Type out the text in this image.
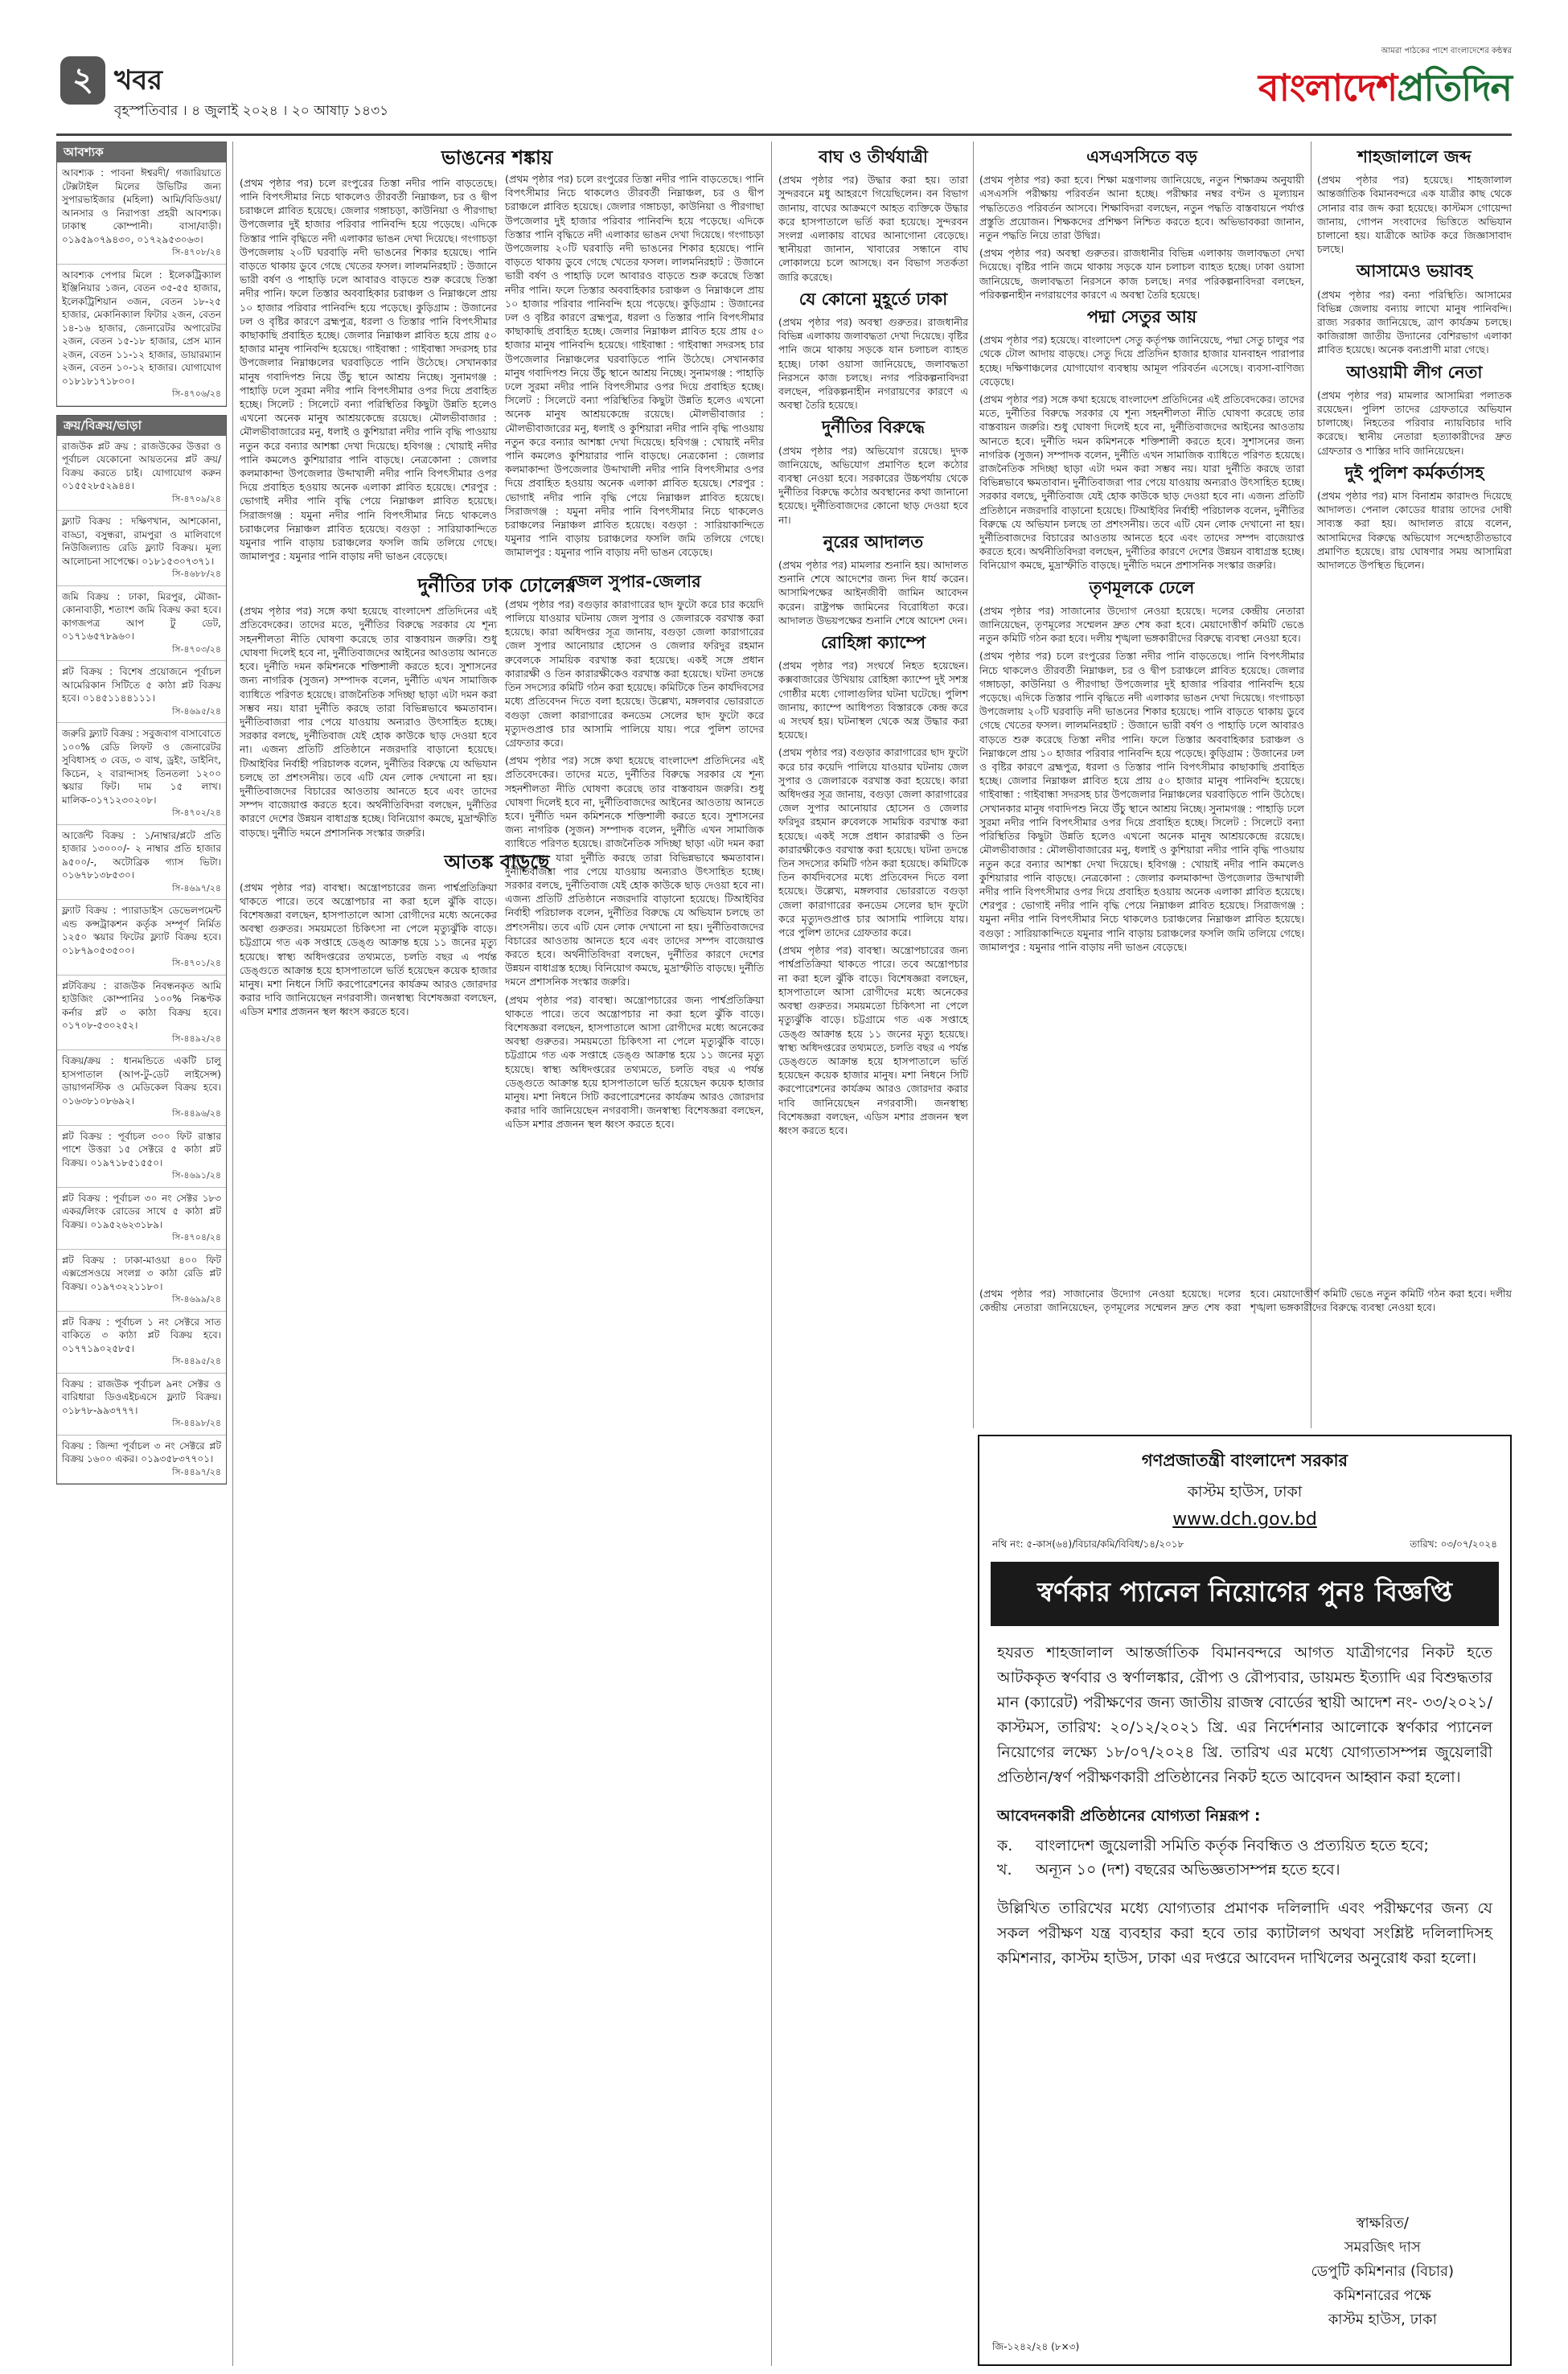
২ খবর
বৃহস্পতিবার । ৪ জুলাই ২০২৪ । ২০ আষাঢ় ১৪৩১
আমরা পাঠকের পাশে বাংলাদেশের কন্ঠস্বর
বাংলাদেশপ্রতিদিন
আবশ্যক
আবশ্যক : পাবনা ঈশ্বরদী/ গজারিয়াতে টেক্সটাইল মিলের উভিটির জন্য সুপারভাইজার (মহিলা) আমি/বিডিওয়া/আনসার ও নিরাপত্তা প্রহরী আবশ্যক। ঢাকাস্থ কোম্পানী। বাসা/বাড়ী। ০১৯৫৯০৭৯৪৩০, ০১৭২৯৫৩০৬৩।
সি-৪৭০৮/২৪
আবশ্যক পেপার মিলে : ইলেকট্রিক্যাল ইঞ্জিনিয়ার ১জন, বেতন ৩৫-৫৫ হাজার, ইলেকট্রিশিয়ান ৩জন, বেতন ১৮-২৫ হাজার, মেকানিক্যাল ফিটার ২জন, বেতন ১৪-১৬ হাজার, জেনারেটর অপারেটর ২জন, বেতন ১৫-১৮ হাজার, প্রেস ম্যান ২জন, বেতন ১১-১২ হাজার, ডায়ারম্যান ২জন, বেতন ১০-১২ হাজার। যোগাযোগ ০১৮১৮১৭১৮০০।
সি-৪৭০৬/২৪
ক্রয়/বিক্রয়/ভাড়া
রাজউক প্লট ক্রয় : রাজউকের উত্তরা ও পূর্বাচল যেকোনো আয়তনের প্লট ক্রয়/বিক্রয় করতে চাই। যোগাযোগ করুন ০১৫৫২৮৫২৯৪৪।
সি-৪৭০৯/২৪
ফ্ল্যাট বিক্রয় : দক্ষিণখান, আশকোনা, বাড্ডা, বসুন্ধরা, রামপুরা ও মালিবাগে নিউজিল্যান্ড রেডি ফ্ল্যাট বিক্রয়। মূল্য আলোচনা সাপেক্ষে। ০১৮১৫৩০৭৩৭১।
সি-৪৬৮৮/২৪
জমি বিক্রয় : ঢাকা, মিরপুর, মৌজা-কোনাবাড়ী, শতাংশ জমি বিক্রয় করা হবে। কাগজপত্র আপ টু ডেট, ০১৭১৬৫৭৮৯৬০।
সি-৪৭০৩/২৪
প্লট বিক্রয় : বিশেষ প্রয়োজনে পূর্বাচল আমেরিকান সিটিতে ৫ কাঠা প্লট বিক্রয় হবে। ০১৪৫১১৪৪১১১।
সি-৪৬৯৫/২৪
জরুরি ফ্ল্যাট বিক্রয় : সবুজবাগ বাসাবোতে ১০০% রেডি লিফট ও জেনারেটর সুবিধাসহ ৩ বেড, ৩ বাথ, ড্রইং, ডাইনিং, কিচেন, ২ বারান্দাসহ তিনতলা ১২০০ স্কয়ার ফিট। দাম ১৫ লাখ। মালিক-০১৭১২৩০২০৮।
সি-৪৭০২/২৪
আর্জেন্ট বিক্রয় : ১/নাম্বার/প্লটে প্রতি হাজার ১৩০০০/- ২ নাম্বার প্রতি হাজার ৯৫০০/-, অটোব্রিক গ্যাস ভিটা। ০১৬৭৮১৩৮৫৩০।
সি-৪৬৯৭/২৪
ফ্ল্যাট বিক্রয় : প্যারাডাইস ডেভেলপমেন্ট এন্ড কন্সট্রাকশন কর্তৃক সম্পূর্ণ নির্মিত ১২৫০ স্কয়ার ফিটের ফ্ল্যাট বিক্রয় হবে। ০১৮৭৯০৫৩৫০০।
সি-৪৭০১/২৪
প্লটবিক্রয় : রাজউক নিবন্ধনকৃত আমি হাউজিং কোম্পানির ১০০% নিষ্কণ্টক কর্নার প্লট ৩ কাঠা বিক্রয় হবে। ০১৭০৮-৫৩০২৫২।
সি-৪৪৯২/২৪
বিক্রয়/ক্রয় : ধানমন্ডিতে একটি চালু হাসপাতাল (আপ-টু-ডেট লাইসেন্স) ডায়াগনস্টিক ও মেডিকেল বিক্রয় হবে। ০১৬৩৮১০৮৬৯২।
সি-৪৪৯৬/২৪
প্লট বিক্রয় : পূর্বাচল ৩০০ ফিট রাস্তার পাশে উত্তরা ১৫ সেক্টরে ৫ কাঠা প্লট বিক্রয়। ০১৯৭১৮৫১৫৫০।
সি-৪৬৯১/২৪
প্লট বিক্রয় : পূর্বাচল ৩০ নং সেক্টর ১৮৩ একর/লিংক রোডের সাথে ৫ কাঠা প্লট বিক্রয়। ০১৯৫২৬২৩১৮৯।
সি-৪৭০৪/২৪
প্লট বিক্রয় : ঢাকা-মাওয়া ৪০০ ফিট এক্সপ্রেসওয়ে সংলগ্ন ৩ কাঠা রেডি প্লট বিক্রয়। ০১৯৭৩২২১১৮০।
সি-৪৬৯৯/২৪
প্লট বিক্রয় : পূর্বাচল ১ নং সেক্টরে সাত বাকিতে ৩ কাঠা প্লট বিক্রয় হবে। ০১৭৭১৯০২৫৮৫।
সি-৪৪৯৫/২৪
বিক্রয় : রাজউক পূর্বাচল ৯নং সেক্টর ও বারিধারা ডিওএইচএসে ফ্ল্যাট বিক্রয়। ০১৮৭৮-৯৯৩৭৭৭।
সি-৪৪৯৮/২৪
বিক্রয় : জিন্দা পূর্বাচল ৩ নং সেক্টরে প্লট বিক্রয় ১৬০০ একর। ০১৯৩৫৮৩৭৭০১।
সি-৪৪৯৭/২৪
ভাঙনের শঙ্কায়

(প্রথম পৃষ্ঠার পর) চলে রংপুরের তিস্তা নদীর পানি বাড়তেছে। পানি বিপৎসীমার নিচে থাকলেও তীরবর্তী নিম্নাঞ্চল, চর ও দ্বীপ চরাঞ্চলে প্লাবিত হয়েছে। জেলার গঙ্গাচড়া, কাউনিয়া ও পীরগাছা উপজেলার দুই হাজার পরিবার পানিবন্দি হয়ে পড়েছে। এদিকে তিস্তার পানি বৃদ্ধিতে নদী এলাকার ভাঙন দেখা দিয়েছে। গংগাচড়া উপজেলায় ২০টি ঘরবাড়ি নদী ভাঙনের শিকার হয়েছে। পানি বাড়তে থাকায় ডুবে গেছে খেতের ফসল। লালমনিরহাট : উজানে ভারী বর্ষণ ও পাহাড়ি ঢলে আবারও বাড়তে শুরু করেছে তিস্তা নদীর পানি। ফলে তিস্তার অববাহিকার চরাঞ্চল ও নিম্নাঞ্চলে প্রায় ১০ হাজার পরিবার পানিবন্দি হয়ে পড়েছে। কুড়িগ্রাম : উজানের ঢল ও বৃষ্টির কারণে ব্রহ্মপুত্র, ধরলা ও তিস্তার পানি বিপৎসীমার কাছাকাছি প্রবাহিত হচ্ছে। জেলার নিম্নাঞ্চল প্লাবিত হয়ে প্রায় ৫০ হাজার মানুষ পানিবন্দি হয়েছে। গাইবান্ধা : গাইবান্ধা সদরসহ চার উপজেলার নিম্নাঞ্চলের ঘরবাড়িতে পানি উঠেছে। সেখানকার মানুষ গবাদিপশু নিয়ে উঁচু স্থানে আশ্রয় নিচ্ছে। সুনামগঞ্জ : পাহাড়ি ঢলে সুরমা নদীর পানি বিপৎসীমার ওপর দিয়ে প্রবাহিত হচ্ছে। সিলেট : সিলেটে বন্যা পরিস্থিতির কিছুটা উন্নতি হলেও এখনো অনেক মানুষ আশ্রয়কেন্দ্রে রয়েছে। মৌলভীবাজার : মৌলভীবাজারের মনু, ধলাই ও কুশিয়ারা নদীর পানি বৃদ্ধি পাওয়ায় নতুন করে বন্যার আশঙ্কা দেখা দিয়েছে। হবিগঞ্জ : খোয়াই নদীর পানি কমলেও কুশিয়ারার পানি বাড়ছে। নেত্রকোনা : জেলার কলমাকান্দা উপজেলার উব্দাখালী নদীর পানি বিপৎসীমার ওপর দিয়ে প্রবাহিত হওয়ায় অনেক এলাকা প্লাবিত হয়েছে। শেরপুর : ভোগাই নদীর পানি বৃদ্ধি পেয়ে নিম্নাঞ্চল প্লাবিত হয়েছে। সিরাজগঞ্জ : যমুনা নদীর পানি বিপৎসীমার নিচে থাকলেও চরাঞ্চলের নিম্নাঞ্চল প্লাবিত হয়েছে। বগুড়া : সারিয়াকান্দিতে যমুনার পানি বাড়ায় চরাঞ্চলের ফসলি জমি তলিয়ে গেছে। জামালপুর : যমুনার পানি বাড়ায় নদী ভাঙন বেড়েছে।

দুর্নীতির ঢাক ঢোলের

(প্রথম পৃষ্ঠার পর) সঙ্গে কথা হয়েছে বাংলাদেশ প্রতিদিনের এই প্রতিবেদকের। তাদের মতে, দুর্নীতির বিরুদ্ধে সরকার যে শূন্য সহনশীলতা নীতি ঘোষণা করেছে তার বাস্তবায়ন জরুরি। শুধু ঘোষণা দিলেই হবে না, দুর্নীতিবাজদের আইনের আওতায় আনতে হবে। দুর্নীতি দমন কমিশনকে শক্তিশালী করতে হবে। সুশাসনের জন্য নাগরিক (সুজন) সম্পাদক বলেন, দুর্নীতি এখন সামাজিক ব্যাধিতে পরিণত হয়েছে। রাজনৈতিক সদিচ্ছা ছাড়া এটা দমন করা সম্ভব নয়। যারা দুর্নীতি করছে তারা বিভিন্নভাবে ক্ষমতাবান। দুর্নীতিবাজরা পার পেয়ে যাওয়ায় অন্যরাও উৎসাহিত হচ্ছে। সরকার বলছে, দুর্নীতিবাজ যেই হোক কাউকে ছাড় দেওয়া হবে না। এজন্য প্রতিটি প্রতিষ্ঠানে নজরদারি বাড়ানো হয়েছে। টিআইবির নির্বাহী পরিচালক বলেন, দুর্নীতির বিরুদ্ধে যে অভিযান চলছে তা প্রশংসনীয়। তবে এটি যেন লোক দেখানো না হয়। দুর্নীতিবাজদের বিচারের আওতায় আনতে হবে এবং তাদের সম্পদ বাজেয়াপ্ত করতে হবে। অর্থনীতিবিদরা বলছেন, দুর্নীতির কারণে দেশের উন্নয়ন বাধাগ্রস্ত হচ্ছে। বিনিয়োগ কমছে, মুদ্রাস্ফীতি বাড়ছে। দুর্নীতি দমনে প্রশাসনিক সংস্কার জরুরি।

আতঙ্ক বাড়ছে

(প্রথম পৃষ্ঠার পর) বাবস্থা। অন্ত্রোপচারের জন্য পার্শ্বপ্রতিক্রিয়া থাকতে পারে। তবে অন্ত্রোপচার না করা হলে ঝুঁকি বাড়ে। বিশেষজ্ঞরা বলছেন, হাসপাতালে আসা রোগীদের মধ্যে অনেকের অবস্থা গুরুতর। সময়মতো চিকিৎসা না পেলে মৃত্যুঝুঁকি বাড়ে। চট্টগ্রামে গত এক সপ্তাহে ডেঙ্গু আক্রান্ত হয়ে ১১ জনের মৃত্যু হয়েছে। স্বাস্থ্য অধিদপ্তরের তথ্যমতে, চলতি বছর এ পর্যন্ত ডেঙ্গুতে আক্রান্ত হয়ে হাসপাতালে ভর্তি হয়েছেন কয়েক হাজার মানুষ। মশা নিধনে সিটি করপোরেশনের কার্যক্রম আরও জোরদার করার দাবি জানিয়েছেন নগরবাসী। জনস্বাস্থ্য বিশেষজ্ঞরা বলছেন, এডিস মশার প্রজনন স্থল ধ্বংস করতে হবে।

(প্রথম পৃষ্ঠার পর) চলে রংপুরের তিস্তা নদীর পানি বাড়তেছে। পানি বিপৎসীমার নিচে থাকলেও তীরবর্তী নিম্নাঞ্চল, চর ও দ্বীপ চরাঞ্চলে প্লাবিত হয়েছে। জেলার গঙ্গাচড়া, কাউনিয়া ও পীরগাছা উপজেলার দুই হাজার পরিবার পানিবন্দি হয়ে পড়েছে। এদিকে তিস্তার পানি বৃদ্ধিতে নদী এলাকার ভাঙন দেখা দিয়েছে। গংগাচড়া উপজেলায় ২০টি ঘরবাড়ি নদী ভাঙনের শিকার হয়েছে। পানি বাড়তে থাকায় ডুবে গেছে খেতের ফসল। লালমনিরহাট : উজানে ভারী বর্ষণ ও পাহাড়ি ঢলে আবারও বাড়তে শুরু করেছে তিস্তা নদীর পানি। ফলে তিস্তার অববাহিকার চরাঞ্চল ও নিম্নাঞ্চলে প্রায় ১০ হাজার পরিবার পানিবন্দি হয়ে পড়েছে। কুড়িগ্রাম : উজানের ঢল ও বৃষ্টির কারণে ব্রহ্মপুত্র, ধরলা ও তিস্তার পানি বিপৎসীমার কাছাকাছি প্রবাহিত হচ্ছে। জেলার নিম্নাঞ্চল প্লাবিত হয়ে প্রায় ৫০ হাজার মানুষ পানিবন্দি হয়েছে। গাইবান্ধা : গাইবান্ধা সদরসহ চার উপজেলার নিম্নাঞ্চলের ঘরবাড়িতে পানি উঠেছে। সেখানকার মানুষ গবাদিপশু নিয়ে উঁচু স্থানে আশ্রয় নিচ্ছে। সুনামগঞ্জ : পাহাড়ি ঢলে সুরমা নদীর পানি বিপৎসীমার ওপর দিয়ে প্রবাহিত হচ্ছে। সিলেট : সিলেটে বন্যা পরিস্থিতির কিছুটা উন্নতি হলেও এখনো অনেক মানুষ আশ্রয়কেন্দ্রে রয়েছে। মৌলভীবাজার : মৌলভীবাজারের মনু, ধলাই ও কুশিয়ারা নদীর পানি বৃদ্ধি পাওয়ায় নতুন করে বন্যার আশঙ্কা দেখা দিয়েছে। হবিগঞ্জ : খোয়াই নদীর পানি কমলেও কুশিয়ারার পানি বাড়ছে। নেত্রকোনা : জেলার কলমাকান্দা উপজেলার উব্দাখালী নদীর পানি বিপৎসীমার ওপর দিয়ে প্রবাহিত হওয়ায় অনেক এলাকা প্লাবিত হয়েছে। শেরপুর : ভোগাই নদীর পানি বৃদ্ধি পেয়ে নিম্নাঞ্চল প্লাবিত হয়েছে। সিরাজগঞ্জ : যমুনা নদীর পানি বিপৎসীমার নিচে থাকলেও চরাঞ্চলের নিম্নাঞ্চল প্লাবিত হয়েছে। বগুড়া : সারিয়াকান্দিতে যমুনার পানি বাড়ায় চরাঞ্চলের ফসলি জমি তলিয়ে গেছে। জামালপুর : যমুনার পানি বাড়ায় নদী ভাঙন বেড়েছে।

জেল সুপার-জেলার

(প্রথম পৃষ্ঠার পর) বগুড়ার কারাগারের ছাদ ফুটো করে চার কয়েদি পালিয়ে যাওয়ার ঘটনায় জেল সুপার ও জেলারকে বরখাস্ত করা হয়েছে। কারা অধিদপ্তর সূত্র জানায়, বগুড়া জেলা কারাগারের জেল সুপার আনোয়ার হোসেন ও জেলার ফরিদুর রহমান রুবেলকে সাময়িক বরখাস্ত করা হয়েছে। একই সঙ্গে প্রধান কারারক্ষী ও তিন কারারক্ষীকেও বরখাস্ত করা হয়েছে। ঘটনা তদন্তে তিন সদস্যের কমিটি গঠন করা হয়েছে। কমিটিকে তিন কার্যদিবসের মধ্যে প্রতিবেদন দিতে বলা হয়েছে। উল্লেখ্য, মঙ্গলবার ভোররাতে বগুড়া জেলা কারাগারের কনডেম সেলের ছাদ ফুটো করে মৃত্যুদণ্ডপ্রাপ্ত চার আসামি পালিয়ে যায়। পরে পুলিশ তাদের গ্রেফতার করে।

(প্রথম পৃষ্ঠার পর) সঙ্গে কথা হয়েছে বাংলাদেশ প্রতিদিনের এই প্রতিবেদকের। তাদের মতে, দুর্নীতির বিরুদ্ধে সরকার যে শূন্য সহনশীলতা নীতি ঘোষণা করেছে তার বাস্তবায়ন জরুরি। শুধু ঘোষণা দিলেই হবে না, দুর্নীতিবাজদের আইনের আওতায় আনতে হবে। দুর্নীতি দমন কমিশনকে শক্তিশালী করতে হবে। সুশাসনের জন্য নাগরিক (সুজন) সম্পাদক বলেন, দুর্নীতি এখন সামাজিক ব্যাধিতে পরিণত হয়েছে। রাজনৈতিক সদিচ্ছা ছাড়া এটা দমন করা সম্ভব নয়। যারা দুর্নীতি করছে তারা বিভিন্নভাবে ক্ষমতাবান। দুর্নীতিবাজরা পার পেয়ে যাওয়ায় অন্যরাও উৎসাহিত হচ্ছে। সরকার বলছে, দুর্নীতিবাজ যেই হোক কাউকে ছাড় দেওয়া হবে না। এজন্য প্রতিটি প্রতিষ্ঠানে নজরদারি বাড়ানো হয়েছে। টিআইবির নির্বাহী পরিচালক বলেন, দুর্নীতির বিরুদ্ধে যে অভিযান চলছে তা প্রশংসনীয়। তবে এটি যেন লোক দেখানো না হয়। দুর্নীতিবাজদের বিচারের আওতায় আনতে হবে এবং তাদের সম্পদ বাজেয়াপ্ত করতে হবে। অর্থনীতিবিদরা বলছেন, দুর্নীতির কারণে দেশের উন্নয়ন বাধাগ্রস্ত হচ্ছে। বিনিয়োগ কমছে, মুদ্রাস্ফীতি বাড়ছে। দুর্নীতি দমনে প্রশাসনিক সংস্কার জরুরি।

(প্রথম পৃষ্ঠার পর) বাবস্থা। অন্ত্রোপচারের জন্য পার্শ্বপ্রতিক্রিয়া থাকতে পারে। তবে অন্ত্রোপচার না করা হলে ঝুঁকি বাড়ে। বিশেষজ্ঞরা বলছেন, হাসপাতালে আসা রোগীদের মধ্যে অনেকের অবস্থা গুরুতর। সময়মতো চিকিৎসা না পেলে মৃত্যুঝুঁকি বাড়ে। চট্টগ্রামে গত এক সপ্তাহে ডেঙ্গু আক্রান্ত হয়ে ১১ জনের মৃত্যু হয়েছে। স্বাস্থ্য অধিদপ্তরের তথ্যমতে, চলতি বছর এ পর্যন্ত ডেঙ্গুতে আক্রান্ত হয়ে হাসপাতালে ভর্তি হয়েছেন কয়েক হাজার মানুষ। মশা নিধনে সিটি করপোরেশনের কার্যক্রম আরও জোরদার করার দাবি জানিয়েছেন নগরবাসী। জনস্বাস্থ্য বিশেষজ্ঞরা বলছেন, এডিস মশার প্রজনন স্থল ধ্বংস করতে হবে।

বাঘ ও তীর্থযাত্রী

(প্রথম পৃষ্ঠার পর) উদ্ধার করা হয়। তারা সুন্দরবনে মধু আহরণে গিয়েছিলেন। বন বিভাগ জানায়, বাঘের আক্রমণে আহত ব্যক্তিকে উদ্ধার করে হাসপাতালে ভর্তি করা হয়েছে। সুন্দরবন সংলগ্ন এলাকায় বাঘের আনাগোনা বেড়েছে। স্থানীয়রা জানান, খাবারের সন্ধানে বাঘ লোকালয়ে চলে আসছে। বন বিভাগ সতর্কতা জারি করেছে।

যে কোনো মুহূর্তে ঢাকা

(প্রথম পৃষ্ঠার পর) অবস্থা গুরুতর। রাজধানীর বিভিন্ন এলাকায় জলাবদ্ধতা দেখা দিয়েছে। বৃষ্টির পানি জমে থাকায় সড়কে যান চলাচল ব্যাহত হচ্ছে। ঢাকা ওয়াসা জানিয়েছে, জলাবদ্ধতা নিরসনে কাজ চলছে। নগর পরিকল্পনাবিদরা বলছেন, পরিকল্পনাহীন নগরায়ণের কারণে এ অবস্থা তৈরি হয়েছে।

দুর্নীতির বিরুদ্ধে

(প্রথম পৃষ্ঠার পর) অভিযোগ রয়েছে। দুদক জানিয়েছে, অভিযোগ প্রমাণিত হলে কঠোর ব্যবস্থা নেওয়া হবে। সরকারের উচ্চপর্যায় থেকে দুর্নীতির বিরুদ্ধে কঠোর অবস্থানের কথা জানানো হয়েছে। দুর্নীতিবাজদের কোনো ছাড় দেওয়া হবে না।

নুরের আদালত

(প্রথম পৃষ্ঠার পর) মামলার শুনানি হয়। আদালত শুনানি শেষে আদেশের জন্য দিন ধার্য করেন। আসামিপক্ষের আইনজীবী জামিন আবেদন করেন। রাষ্ট্রপক্ষ জামিনের বিরোধিতা করে। আদালত উভয়পক্ষের শুনানি শেষে আদেশ দেন।

রোহিঙ্গা ক্যাম্পে

(প্রথম পৃষ্ঠার পর) সংঘর্ষে নিহত হয়েছেন। কক্সবাজারের উখিয়ায় রোহিঙ্গা ক্যাম্পে দুই সশস্ত্র গোষ্ঠীর মধ্যে গোলাগুলির ঘটনা ঘটেছে। পুলিশ জানায়, ক্যাম্পে আধিপত্য বিস্তারকে কেন্দ্র করে এ সংঘর্ষ হয়। ঘটনাস্থল থেকে অস্ত্র উদ্ধার করা হয়েছে।

(প্রথম পৃষ্ঠার পর) বগুড়ার কারাগারের ছাদ ফুটো করে চার কয়েদি পালিয়ে যাওয়ার ঘটনায় জেল সুপার ও জেলারকে বরখাস্ত করা হয়েছে। কারা অধিদপ্তর সূত্র জানায়, বগুড়া জেলা কারাগারের জেল সুপার আনোয়ার হোসেন ও জেলার ফরিদুর রহমান রুবেলকে সাময়িক বরখাস্ত করা হয়েছে। একই সঙ্গে প্রধান কারারক্ষী ও তিন কারারক্ষীকেও বরখাস্ত করা হয়েছে। ঘটনা তদন্তে তিন সদস্যের কমিটি গঠন করা হয়েছে। কমিটিকে তিন কার্যদিবসের মধ্যে প্রতিবেদন দিতে বলা হয়েছে। উল্লেখ্য, মঙ্গলবার ভোররাতে বগুড়া জেলা কারাগারের কনডেম সেলের ছাদ ফুটো করে মৃত্যুদণ্ডপ্রাপ্ত চার আসামি পালিয়ে যায়। পরে পুলিশ তাদের গ্রেফতার করে।

(প্রথম পৃষ্ঠার পর) বাবস্থা। অন্ত্রোপচারের জন্য পার্শ্বপ্রতিক্রিয়া থাকতে পারে। তবে অন্ত্রোপচার না করা হলে ঝুঁকি বাড়ে। বিশেষজ্ঞরা বলছেন, হাসপাতালে আসা রোগীদের মধ্যে অনেকের অবস্থা গুরুতর। সময়মতো চিকিৎসা না পেলে মৃত্যুঝুঁকি বাড়ে। চট্টগ্রামে গত এক সপ্তাহে ডেঙ্গু আক্রান্ত হয়ে ১১ জনের মৃত্যু হয়েছে। স্বাস্থ্য অধিদপ্তরের তথ্যমতে, চলতি বছর এ পর্যন্ত ডেঙ্গুতে আক্রান্ত হয়ে হাসপাতালে ভর্তি হয়েছেন কয়েক হাজার মানুষ। মশা নিধনে সিটি করপোরেশনের কার্যক্রম আরও জোরদার করার দাবি জানিয়েছেন নগরবাসী। জনস্বাস্থ্য বিশেষজ্ঞরা বলছেন, এডিস মশার প্রজনন স্থল ধ্বংস করতে হবে।

এসএসসিতে বড়

(প্রথম পৃষ্ঠার পর) করা হবে। শিক্ষা মন্ত্রণালয় জানিয়েছে, নতুন শিক্ষাক্রম অনুযায়ী এসএসসি পরীক্ষায় পরিবর্তন আনা হচ্ছে। পরীক্ষার নম্বর বণ্টন ও মূল্যায়ন পদ্ধতিতেও পরিবর্তন আসবে। শিক্ষাবিদরা বলছেন, নতুন পদ্ধতি বাস্তবায়নে পর্যাপ্ত প্রস্তুতি প্রয়োজন। শিক্ষকদের প্রশিক্ষণ নিশ্চিত করতে হবে। অভিভাবকরা জানান, নতুন পদ্ধতি নিয়ে তারা উদ্বিগ্ন।

(প্রথম পৃষ্ঠার পর) অবস্থা গুরুতর। রাজধানীর বিভিন্ন এলাকায় জলাবদ্ধতা দেখা দিয়েছে। বৃষ্টির পানি জমে থাকায় সড়কে যান চলাচল ব্যাহত হচ্ছে। ঢাকা ওয়াসা জানিয়েছে, জলাবদ্ধতা নিরসনে কাজ চলছে। নগর পরিকল্পনাবিদরা বলছেন, পরিকল্পনাহীন নগরায়ণের কারণে এ অবস্থা তৈরি হয়েছে।

পদ্মা সেতুর আয়

(প্রথম পৃষ্ঠার পর) হয়েছে। বাংলাদেশ সেতু কর্তৃপক্ষ জানিয়েছে, পদ্মা সেতু চালুর পর থেকে টোল আদায় বাড়ছে। সেতু দিয়ে প্রতিদিন হাজার হাজার যানবাহন পারাপার হচ্ছে। দক্ষিণাঞ্চলের যোগাযোগ ব্যবস্থায় আমূল পরিবর্তন এসেছে। ব্যবসা-বাণিজ্য বেড়েছে।

(প্রথম পৃষ্ঠার পর) সঙ্গে কথা হয়েছে বাংলাদেশ প্রতিদিনের এই প্রতিবেদকের। তাদের মতে, দুর্নীতির বিরুদ্ধে সরকার যে শূন্য সহনশীলতা নীতি ঘোষণা করেছে তার বাস্তবায়ন জরুরি। শুধু ঘোষণা দিলেই হবে না, দুর্নীতিবাজদের আইনের আওতায় আনতে হবে। দুর্নীতি দমন কমিশনকে শক্তিশালী করতে হবে। সুশাসনের জন্য নাগরিক (সুজন) সম্পাদক বলেন, দুর্নীতি এখন সামাজিক ব্যাধিতে পরিণত হয়েছে। রাজনৈতিক সদিচ্ছা ছাড়া এটা দমন করা সম্ভব নয়। যারা দুর্নীতি করছে তারা বিভিন্নভাবে ক্ষমতাবান। দুর্নীতিবাজরা পার পেয়ে যাওয়ায় অন্যরাও উৎসাহিত হচ্ছে। সরকার বলছে, দুর্নীতিবাজ যেই হোক কাউকে ছাড় দেওয়া হবে না। এজন্য প্রতিটি প্রতিষ্ঠানে নজরদারি বাড়ানো হয়েছে। টিআইবির নির্বাহী পরিচালক বলেন, দুর্নীতির বিরুদ্ধে যে অভিযান চলছে তা প্রশংসনীয়। তবে এটি যেন লোক দেখানো না হয়। দুর্নীতিবাজদের বিচারের আওতায় আনতে হবে এবং তাদের সম্পদ বাজেয়াপ্ত করতে হবে। অর্থনীতিবিদরা বলছেন, দুর্নীতির কারণে দেশের উন্নয়ন বাধাগ্রস্ত হচ্ছে। বিনিয়োগ কমছে, মুদ্রাস্ফীতি বাড়ছে। দুর্নীতি দমনে প্রশাসনিক সংস্কার জরুরি।

তৃণমূলকে ঢেলে

(প্রথম পৃষ্ঠার পর) সাজানোর উদ্যোগ নেওয়া হয়েছে। দলের কেন্দ্রীয় নেতারা জানিয়েছেন, তৃণমূলের সম্মেলন দ্রুত শেষ করা হবে। মেয়াদোত্তীর্ণ কমিটি ভেঙে নতুন কমিটি গঠন করা হবে। দলীয় শৃঙ্খলা ভঙ্গকারীদের বিরুদ্ধে ব্যবস্থা নেওয়া হবে।

(প্রথম পৃষ্ঠার পর) চলে রংপুরের তিস্তা নদীর পানি বাড়তেছে। পানি বিপৎসীমার নিচে থাকলেও তীরবর্তী নিম্নাঞ্চল, চর ও দ্বীপ চরাঞ্চলে প্লাবিত হয়েছে। জেলার গঙ্গাচড়া, কাউনিয়া ও পীরগাছা উপজেলার দুই হাজার পরিবার পানিবন্দি হয়ে পড়েছে। এদিকে তিস্তার পানি বৃদ্ধিতে নদী এলাকার ভাঙন দেখা দিয়েছে। গংগাচড়া উপজেলায় ২০টি ঘরবাড়ি নদী ভাঙনের শিকার হয়েছে। পানি বাড়তে থাকায় ডুবে গেছে খেতের ফসল। লালমনিরহাট : উজানে ভারী বর্ষণ ও পাহাড়ি ঢলে আবারও বাড়তে শুরু করেছে তিস্তা নদীর পানি। ফলে তিস্তার অববাহিকার চরাঞ্চল ও নিম্নাঞ্চলে প্রায় ১০ হাজার পরিবার পানিবন্দি হয়ে পড়েছে। কুড়িগ্রাম : উজানের ঢল ও বৃষ্টির কারণে ব্রহ্মপুত্র, ধরলা ও তিস্তার পানি বিপৎসীমার কাছাকাছি প্রবাহিত হচ্ছে। জেলার নিম্নাঞ্চল প্লাবিত হয়ে প্রায় ৫০ হাজার মানুষ পানিবন্দি হয়েছে। গাইবান্ধা : গাইবান্ধা সদরসহ চার উপজেলার নিম্নাঞ্চলের ঘরবাড়িতে পানি উঠেছে। সেখানকার মানুষ গবাদিপশু নিয়ে উঁচু স্থানে আশ্রয় নিচ্ছে। সুনামগঞ্জ : পাহাড়ি ঢলে সুরমা নদীর পানি বিপৎসীমার ওপর দিয়ে প্রবাহিত হচ্ছে। সিলেট : সিলেটে বন্যা পরিস্থিতির কিছুটা উন্নতি হলেও এখনো অনেক মানুষ আশ্রয়কেন্দ্রে রয়েছে। মৌলভীবাজার : মৌলভীবাজারের মনু, ধলাই ও কুশিয়ারা নদীর পানি বৃদ্ধি পাওয়ায় নতুন করে বন্যার আশঙ্কা দেখা দিয়েছে। হবিগঞ্জ : খোয়াই নদীর পানি কমলেও কুশিয়ারার পানি বাড়ছে। নেত্রকোনা : জেলার কলমাকান্দা উপজেলার উব্দাখালী নদীর পানি বিপৎসীমার ওপর দিয়ে প্রবাহিত হওয়ায় অনেক এলাকা প্লাবিত হয়েছে। শেরপুর : ভোগাই নদীর পানি বৃদ্ধি পেয়ে নিম্নাঞ্চল প্লাবিত হয়েছে। সিরাজগঞ্জ : যমুনা নদীর পানি বিপৎসীমার নিচে থাকলেও চরাঞ্চলের নিম্নাঞ্চল প্লাবিত হয়েছে। বগুড়া : সারিয়াকান্দিতে যমুনার পানি বাড়ায় চরাঞ্চলের ফসলি জমি তলিয়ে গেছে। জামালপুর : যমুনার পানি বাড়ায় নদী ভাঙন বেড়েছে।

শাহজালালে জব্দ

(প্রথম পৃষ্ঠার পর) হয়েছে। শাহজালাল আন্তর্জাতিক বিমানবন্দরে এক যাত্রীর কাছ থেকে সোনার বার জব্দ করা হয়েছে। কাস্টমস গোয়েন্দা জানায়, গোপন সংবাদের ভিত্তিতে অভিযান চালানো হয়। যাত্রীকে আটক করে জিজ্ঞাসাবাদ চলছে।

আসামেও ভয়াবহ

(প্রথম পৃষ্ঠার পর) বন্যা পরিস্থিতি। আসামের বিভিন্ন জেলায় বন্যায় লাখো মানুষ পানিবন্দি। রাজ্য সরকার জানিয়েছে, ত্রাণ কার্যক্রম চলছে। কাজিরাঙ্গা জাতীয় উদ্যানের বেশিরভাগ এলাকা প্লাবিত হয়েছে। অনেক বন্যপ্রাণী মারা গেছে।

আওয়ামী লীগ নেতা

(প্রথম পৃষ্ঠার পর) মামলার আসামিরা পলাতক রয়েছেন। পুলিশ তাদের গ্রেফতারে অভিযান চালাচ্ছে। নিহতের পরিবার ন্যায়বিচার দাবি করেছে। স্থানীয় নেতারা হত্যাকারীদের দ্রুত গ্রেফতার ও শাস্তির দাবি জানিয়েছেন।

দুই পুলিশ কর্মকর্তাসহ

(প্রথম পৃষ্ঠার পর) মাস বিনাশ্রম কারাদণ্ড দিয়েছে আদালত। পেনাল কোডের ধারায় তাদের দোষী সাব্যস্ত করা হয়। আদালত রায়ে বলেন, আসামিদের বিরুদ্ধে অভিযোগ সন্দেহাতীতভাবে প্রমাণিত হয়েছে। রায় ঘোষণার সময় আসামিরা আদালতে উপস্থিত ছিলেন।

(প্রথম পৃষ্ঠার পর) সাজানোর উদ্যোগ নেওয়া হয়েছে। দলের কেন্দ্রীয় নেতারা জানিয়েছেন, তৃণমূলের সম্মেলন দ্রুত শেষ করা হবে। মেয়াদোত্তীর্ণ কমিটি ভেঙে নতুন কমিটি গঠন করা হবে। দলীয় শৃঙ্খলা ভঙ্গকারীদের বিরুদ্ধে ব্যবস্থা নেওয়া হবে।

গণপ্রজাতন্ত্রী বাংলাদেশ সরকার
কাস্টম হাউস, ঢাকা
www.dch.gov.bd
নথি নং: ৫-কাস(৬৪)/বিচার/কমি/বিবিধ/১৪/২০১৮	তারিখ: ০৩/০৭/২০২৪
স্বর্ণকার প্যানেল নিয়োগের পুনঃ বিজ্ঞপ্তি
হযরত শাহজালাল আন্তর্জাতিক বিমানবন্দরে আগত যাত্রীগণের নিকট হতে আটককৃত স্বর্ণবার ও স্বর্ণালঙ্কার, রৌপ্য ও রৌপ্যবার, ডায়মন্ড ইত্যাদি এর বিশুদ্ধতার মান (ক্যারেট) পরীক্ষণের জন্য জাতীয় রাজস্ব বোর্ডের স্থায়ী আদেশ নং- ৩৩/২০২১/কাস্টমস, তারিখ: ২০/১২/২০২১ খ্রি. এর নির্দেশনার আলোকে স্বর্ণকার প্যানেল নিয়োগের লক্ষ্যে ১৮/০৭/২০২৪ খ্রি. তারিখ এর মধ্যে যোগ্যতাসম্পন্ন জুয়েলারী প্রতিষ্ঠান/স্বর্ণ পরীক্ষণকারী প্রতিষ্ঠানের নিকট হতে আবেদন আহ্বান করা হলো।
আবেদনকারী প্রতিষ্ঠানের যোগ্যতা নিম্নরূপ :
ক.	বাংলাদেশ জুয়েলারী সমিতি কর্তৃক নিবন্ধিত ও প্রত্যয়িত হতে হবে;
খ.	অন্যূন ১০ (দশ) বছরের অভিজ্ঞতাসম্পন্ন হতে হবে।
উল্লিখিত তারিখের মধ্যে যোগ্যতার প্রমাণক দলিলাদি এবং পরীক্ষণের জন্য যে সকল পরীক্ষণ যন্ত্র ব্যবহার করা হবে তার ক্যাটালগ অথবা সংশ্লিষ্ট দলিলাদিসহ কমিশনার, কাস্টম হাউস, ঢাকা এর দপ্তরে আবেদন দাখিলের অনুরোধ করা হলো।
স্বাক্ষরিত/
সমরজিৎ দাস
ডেপুটি কমিশনার (বিচার)
কমিশনারের পক্ষে
কাস্টম হাউস, ঢাকা
জি-১২৪২/২৪ (৮×৩)
